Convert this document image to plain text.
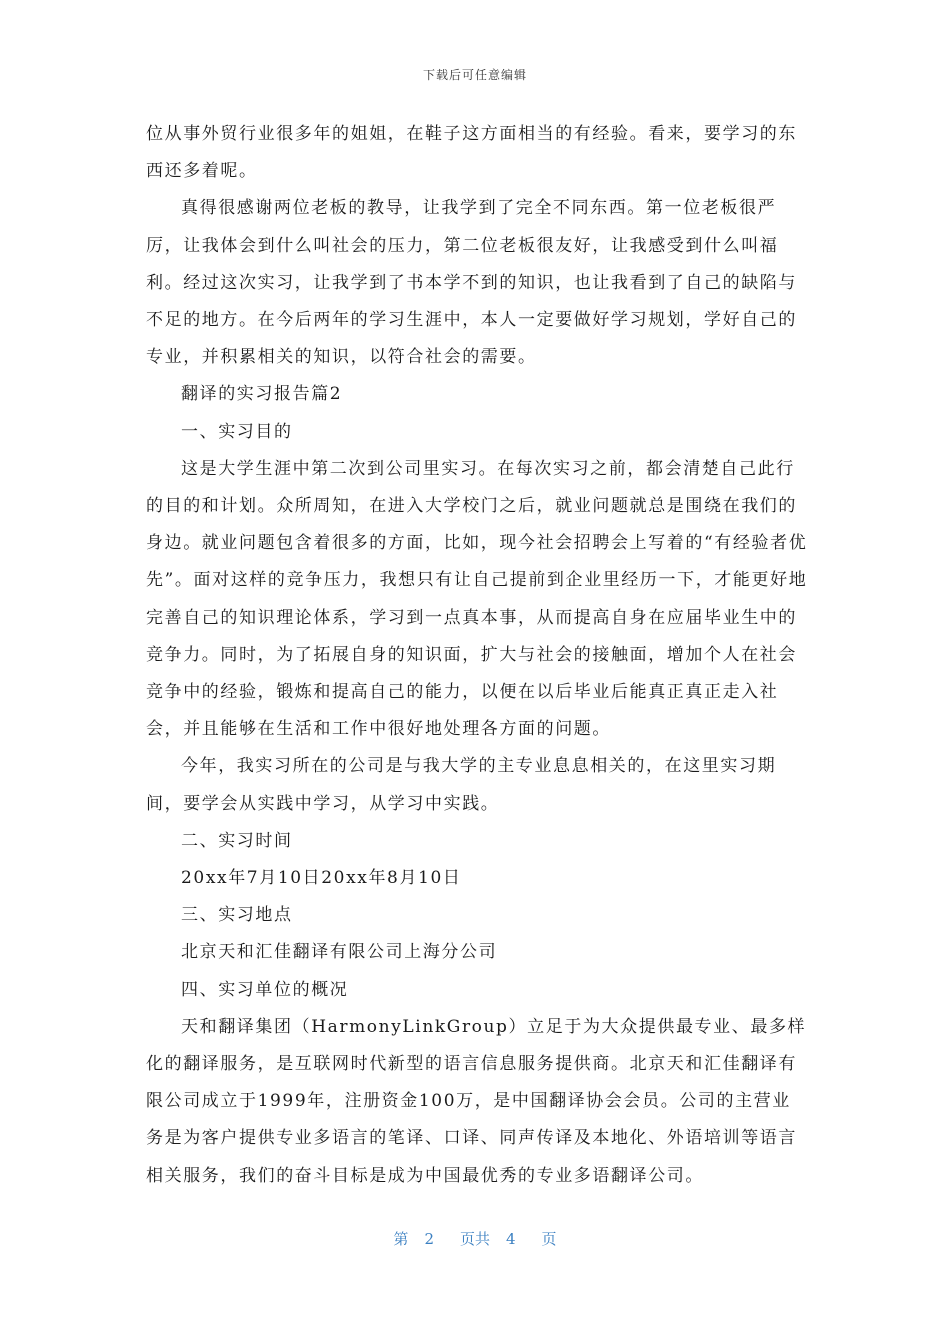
下载后可任意编辑

位从事外贸行业很多年的姐姐，在鞋子这方面相当的有经验。看来，要学习的东西还多着呢。

真得很感谢两位老板的教导，让我学到了完全不同东西。第一位老板很严厉，让我体会到什么叫社会的压力，第二位老板很友好，让我感受到什么叫福利。经过这次实习，让我学到了书本学不到的知识，也让我看到了自己的缺陷与不足的地方。在今后两年的学习生涯中，本人一定要做好学习规划，学好自己的专业，并积累相关的知识，以符合社会的需要。

翻译的实习报告篇2

一、实习目的

这是大学生涯中第二次到公司里实习。在每次实习之前，都会清楚自己此行的目的和计划。众所周知，在进入大学校门之后，就业问题就总是围绕在我们的身边。就业问题包含着很多的方面，比如，现今社会招聘会上写着的“有经验者优先”。面对这样的竞争压力，我想只有让自己提前到企业里经历一下，才能更好地完善自己的知识理论体系，学习到一点真本事，从而提高自身在应届毕业生中的竞争力。同时，为了拓展自身的知识面，扩大与社会的接触面，增加个人在社会竞争中的经验，锻炼和提高自己的能力，以便在以后毕业后能真正真正走入社会，并且能够在生活和工作中很好地处理各方面的问题。

今年，我实习所在的公司是与我大学的主专业息息相关的，在这里实习期间，要学会从实践中学习，从学习中实践。

二、实习时间

20xx年7月10日20xx年8月10日

三、实习地点

北京天和汇佳翻译有限公司上海分公司

四、实习单位的概况

天和翻译集团（HarmonyLinkGroup）立足于为大众提供最专业、最多样化的翻译服务，是互联网时代新型的语言信息服务提供商。北京天和汇佳翻译有限公司成立于1999年，注册资金100万，是中国翻译协会会员。公司的主营业务是为客户提供专业多语言的笔译、口译、同声传译及本地化、外语培训等语言相关服务，我们的奋斗目标是成为中国最优秀的专业多语翻译公司。

第 2 页共 4 页
